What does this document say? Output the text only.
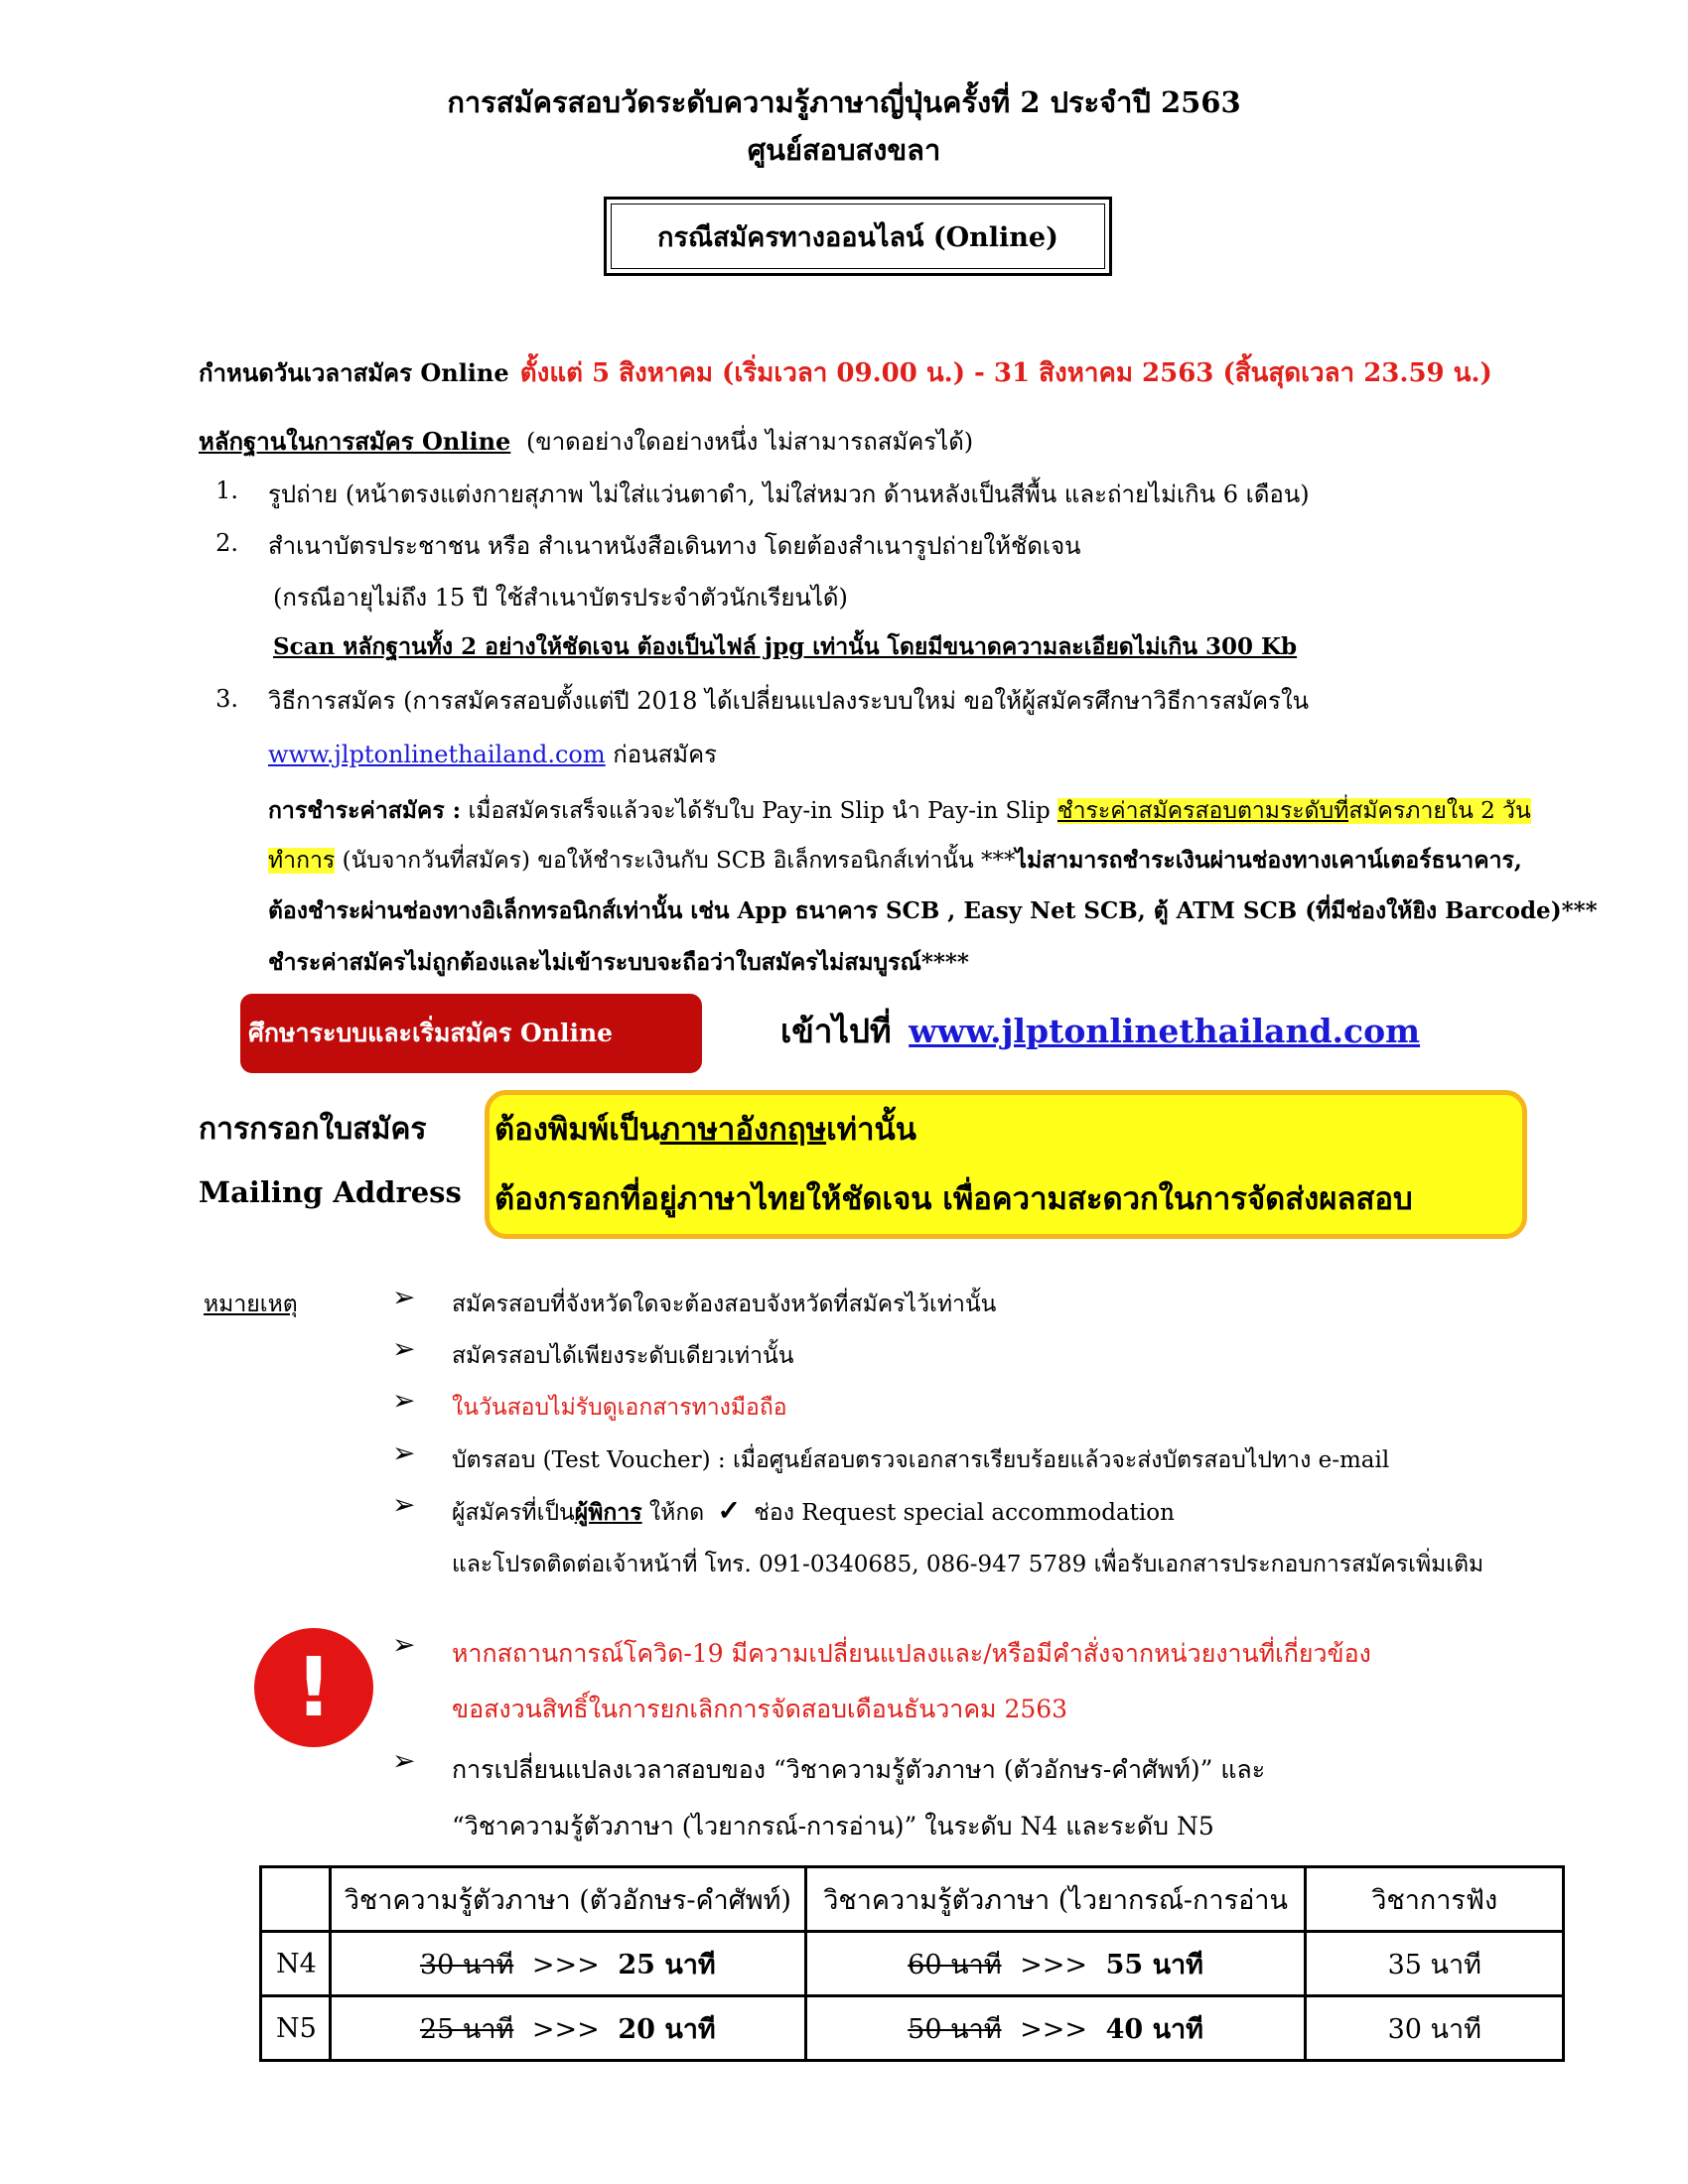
การสมัครสอบวัดระดับความรู้ภาษาญี่ปุ่นครั้งที่ 2 ประจำปี 2563
ศูนย์สอบสงขลา
กรณีสมัครทางออนไลน์ (Online)
กำหนดวันเวลาสมัคร Online ตั้งแต่ 5 สิงหาคม (เริ่มเวลา 09.00 น.) - 31 สิงหาคม 2563 (สิ้นสุดเวลา 23.59 น.)
หลักฐานในการสมัคร Online (ขาดอย่างใดอย่างหนึ่ง ไม่สามารถสมัครได้)
1. รูปถ่าย (หน้าตรงแต่งกายสุภาพ ไม่ใส่แว่นตาดำ, ไม่ใส่หมวก ด้านหลังเป็นสีพื้น และถ่ายไม่เกิน 6 เดือน)
2. สำเนาบัตรประชาชน หรือ สำเนาหนังสือเดินทาง โดยต้องสำเนารูปถ่ายให้ชัดเจน
(กรณีอายุไม่ถึง 15 ปี ใช้สำเนาบัตรประจำตัวนักเรียนได้)
Scan หลักฐานทั้ง 2 อย่างให้ชัดเจน ต้องเป็นไฟล์ jpg เท่านั้น โดยมีขนาดความละเอียดไม่เกิน 300 Kb
3. วิธีการสมัคร (การสมัครสอบตั้งแต่ปี 2018 ได้เปลี่ยนแปลงระบบใหม่ ขอให้ผู้สมัครศึกษาวิธีการสมัครใน
www.jlptonlinethailand.com ก่อนสมัคร
การชำระค่าสมัคร : เมื่อสมัครเสร็จแล้วจะได้รับใบ Pay-in Slip นำ Pay-in Slip ชำระค่าสมัครสอบตามระดับที่สมัครภายใน 2 วัน
ทำการ (นับจากวันที่สมัคร) ขอให้ชำระเงินกับ SCB อิเล็กทรอนิกส์เท่านั้น ***ไม่สามารถชำระเงินผ่านช่องทางเคาน์เตอร์ธนาคาร,
ต้องชำระผ่านช่องทางอิเล็กทรอนิกส์เท่านั้น เช่น App ธนาคาร SCB , Easy Net SCB, ตู้ ATM SCB (ที่มีช่องให้ยิง Barcode)***
ชำระค่าสมัครไม่ถูกต้องและไม่เข้าระบบจะถือว่าใบสมัครไม่สมบูรณ์****
ศึกษาระบบและเริ่มสมัคร Online	เข้าไปที่ www.jlptonlinethailand.com
การกรอกใบสมัคร
Mailing Address
ต้องพิมพ์เป็นภาษาอังกฤษเท่านั้น
ต้องกรอกที่อยู่ภาษาไทยให้ชัดเจน เพื่อความสะดวกในการจัดส่งผลสอบ
หมายเหตุ	➢ สมัครสอบที่จังหวัดใดจะต้องสอบจังหวัดที่สมัครไว้เท่านั้น
➢ สมัครสอบได้เพียงระดับเดียวเท่านั้น
➢ ในวันสอบไม่รับดูเอกสารทางมือถือ
➢ บัตรสอบ (Test Voucher) : เมื่อศูนย์สอบตรวจเอกสารเรียบร้อยแล้วจะส่งบัตรสอบไปทาง e-mail
➢ ผู้สมัครที่เป็นผู้พิการ ให้กด ✓ ช่อง Request special accommodation
และโปรดติดต่อเจ้าหน้าที่ โทร. 091-0340685, 086-947 5789 เพื่อรับเอกสารประกอบการสมัครเพิ่มเติม
!	➢ หากสถานการณ์โควิด-19 มีความเปลี่ยนแปลงและ/หรือมีคำสั่งจากหน่วยงานที่เกี่ยวข้อง
ขอสงวนสิทธิ์ในการยกเลิกการจัดสอบเดือนธันวาคม 2563
➢ การเปลี่ยนแปลงเวลาสอบของ “วิชาความรู้ตัวภาษา (ตัวอักษร-คำศัพท์)” และ
“วิชาความรู้ตัวภาษา (ไวยากรณ์-การอ่าน)” ในระดับ N4 และระดับ N5
	วิชาความรู้ตัวภาษา (ตัวอักษร-คำศัพท์)	วิชาความรู้ตัวภาษา (ไวยากรณ์-การอ่าน	วิชาการฟัง
N4	30 นาที >>> 25 นาที	60 นาที >>> 55 นาที	35 นาที
N5	25 นาที >>> 20 นาที	50 นาที >>> 40 นาที	30 นาที
